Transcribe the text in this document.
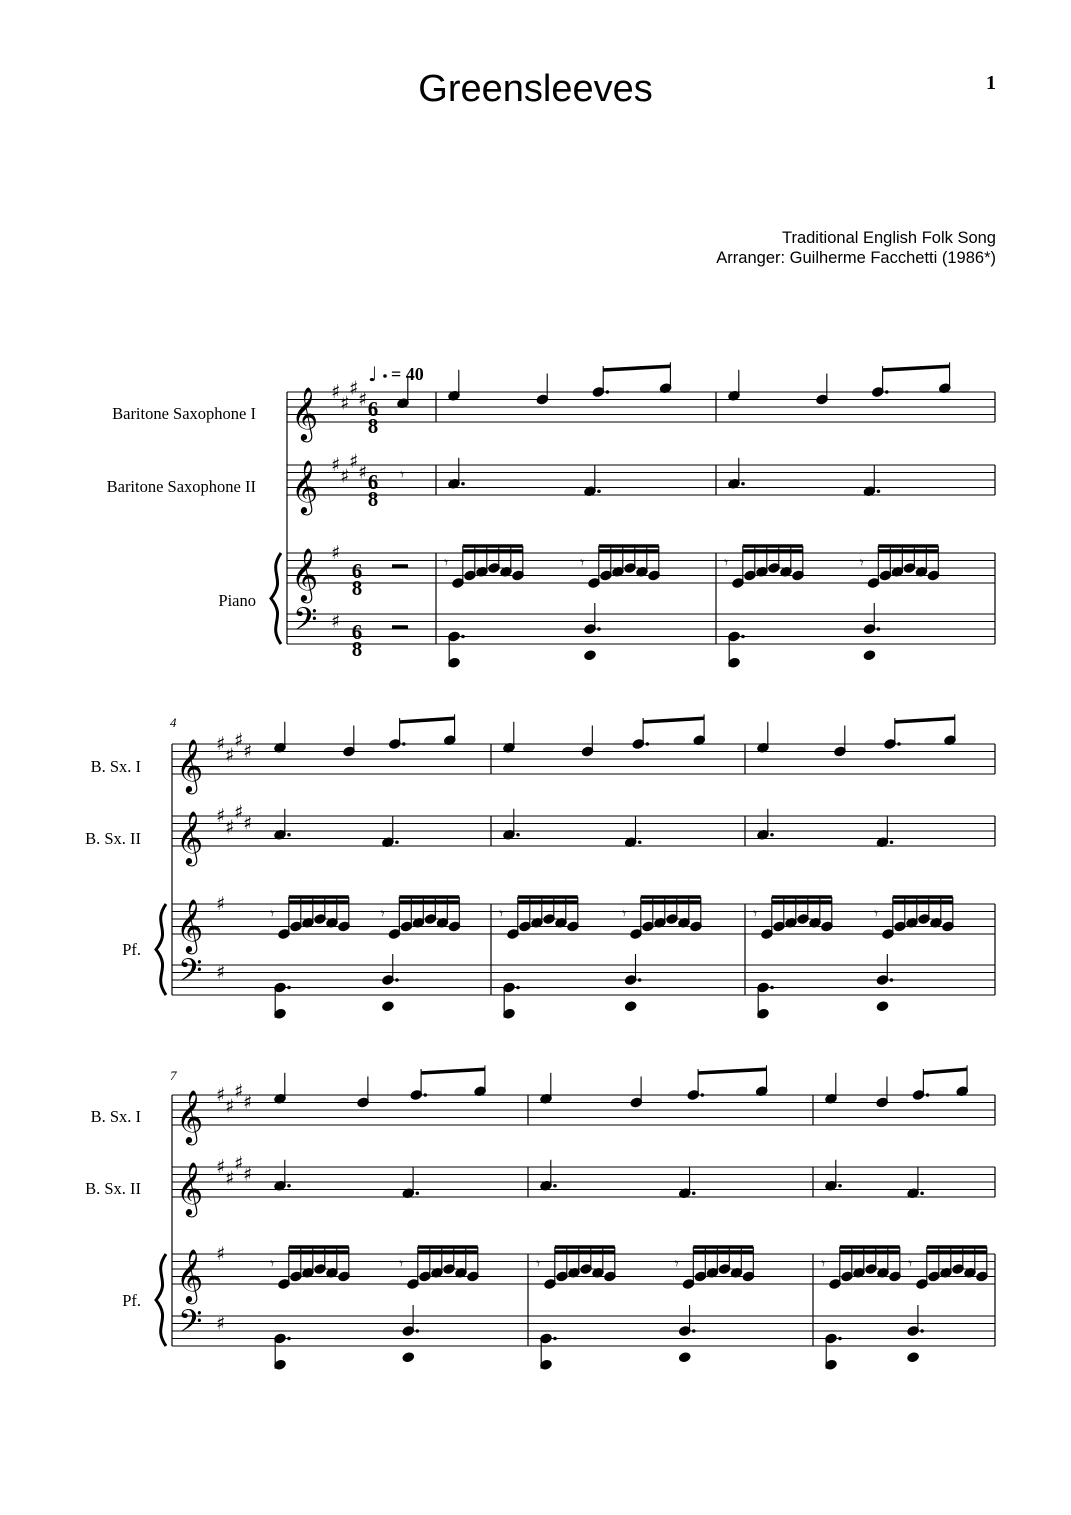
Greensleeves	1
Traditional English Folk Song
Arranger: Guilherme Facchetti (1986*)
𝄞
𝄞
𝄞
𝄢
♯
♯
♯
♯
♯
♯
♯
♯
♯
♯
𝄞
𝄞
𝄞
𝄢
♯
♯
♯
♯
♯
♯
♯
♯
♯
♯
𝄞
𝄞
𝄞
𝄢
♯
♯
♯
♯
♯
♯
♯
♯
♯
♯
𝄾	𝄾	𝄾	𝄾
𝄾
𝄾	𝄾	𝄾	𝄾	𝄾	𝄾
𝄾	𝄾	𝄾	𝄾	𝄾	𝄾
♩ = 40
Baritone Saxophone I
Baritone Saxophone II
Piano
4
B. Sx. I
B. Sx. II
Pf.
7
B. Sx. I
B. Sx. II
Pf.
6
8
6
8
6
8
6
8
